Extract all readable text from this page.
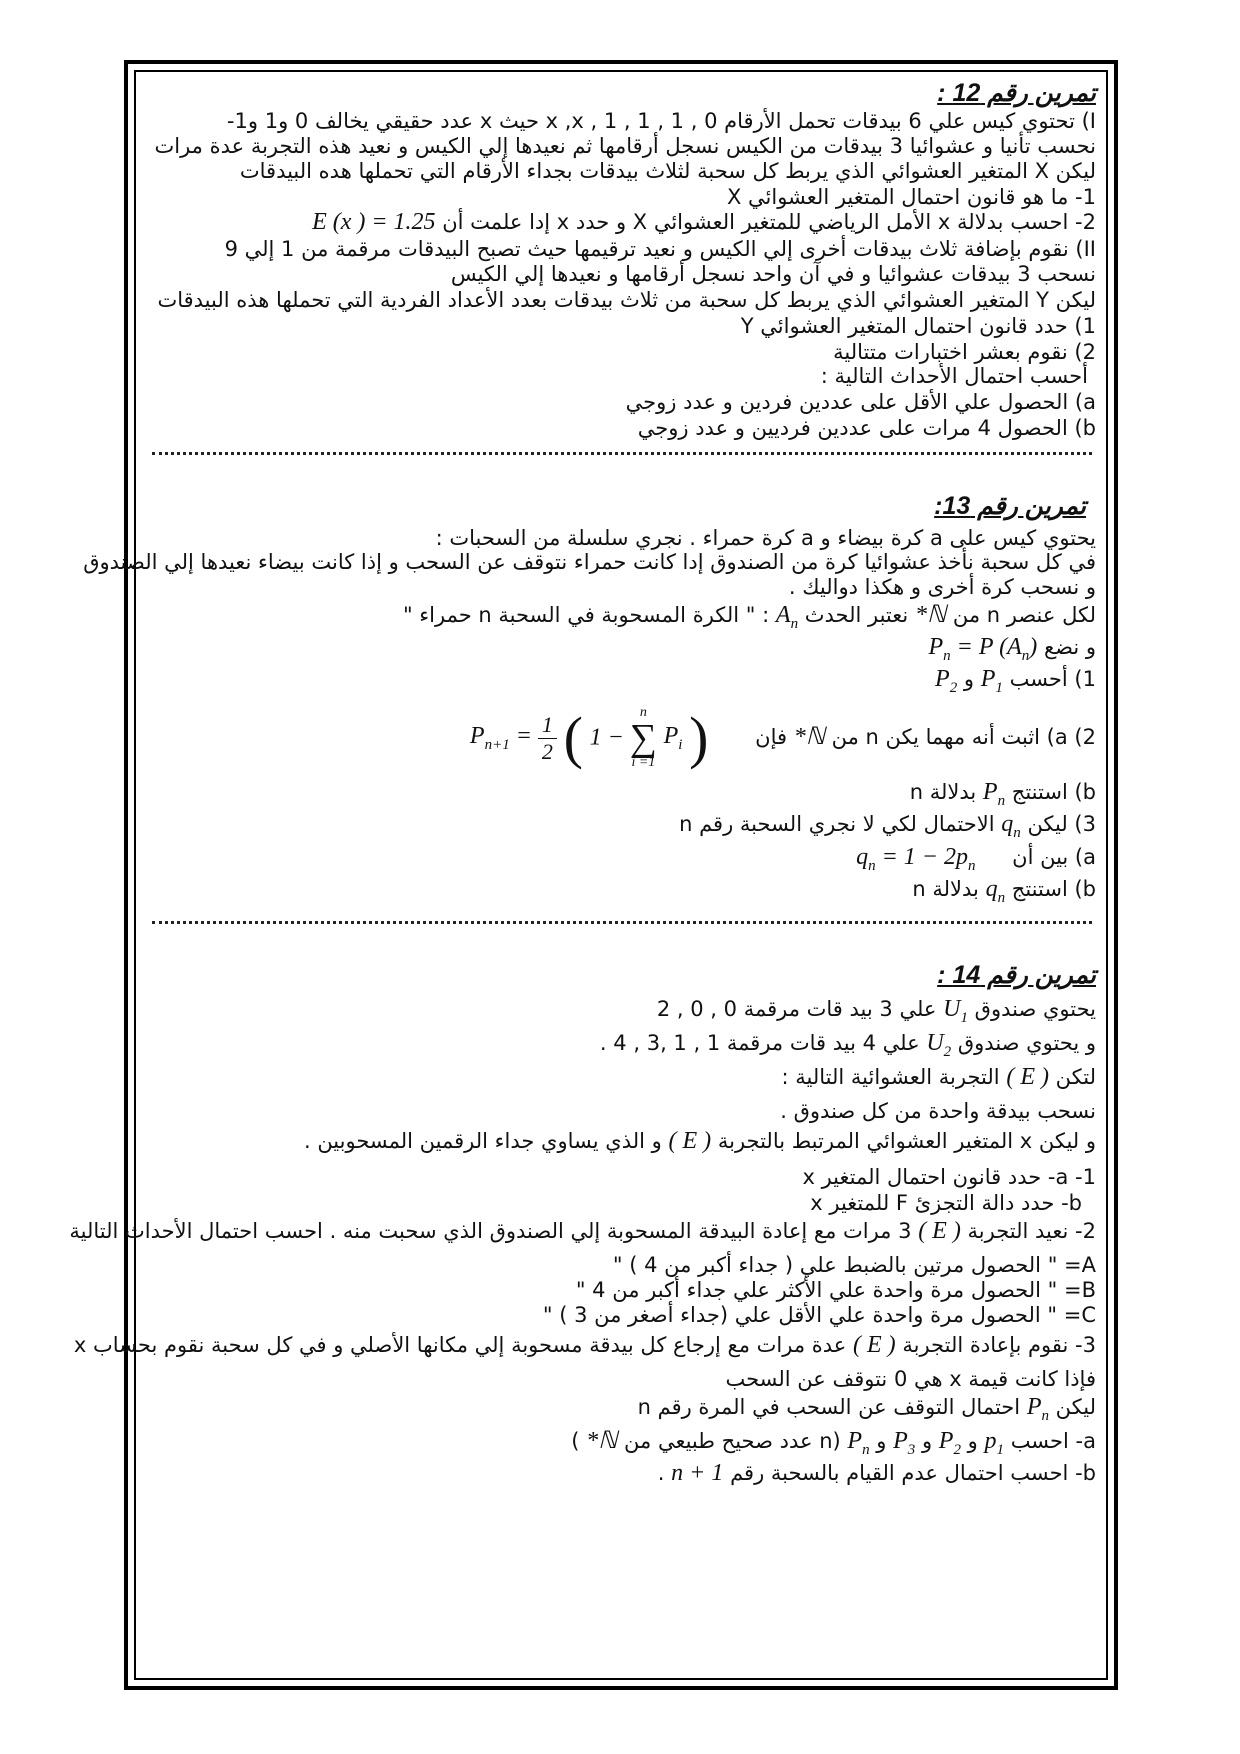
تمرين رقم 12 :
I) تحتوي كيس علي 6 بيدقات تحمل الأرقام 0 , 1 , 1 , 1 , x ,x حيث x عدد حقيقي يخالف 0 و1 و1-
نحسب تأنيا و عشوائيا 3 بيدقات من الكيس نسجل أرقامها ثم نعيدها إلي الكيس و نعيد هذه التجربة عدة مرات
ليكن X المتغير العشوائي الذي يربط كل سحبة لثلاث بيدقات بجداء الأرقام التي تحملها هده البيدقات
1- ما هو قانون احتمال المتغير العشوائي X
2- احسب بدلالة x الأمل الرياضي للمتغير العشوائي X و حدد x إدا علمت أن E (x ) = 1.25
II) نقوم بإضافة ثلاث بيدقات أخرى إلي الكيس و نعيد ترقيمها حيث تصبح البيدقات مرقمة من 1 إلي 9
نسحب 3 بيدقات عشوائيا و في آن واحد نسجل أرقامها و نعيدها إلي الكيس
ليكن Y المتغير العشوائي الذي يربط كل سحبة من ثلاث بيدقات بعدد الأعداد الفردية التي تحملها هذه البيدقات
1) حدد قانون احتمال المتغير العشوائي Y
2) نقوم بعشر اختبارات متتالية
أحسب احتمال الأحداث التالية :
a) الحصول علي الأقل على عددين فردين و عدد زوجي
b) الحصول 4 مرات على عددين فرديين و عدد زوجي
تمرين رقم 13:
يحتوي كيس على a كرة بيضاء و a كرة حمراء . نجري سلسلة من السحبات :
في كل سحبة نأخذ عشوائيا كرة من الصندوق إدا كانت حمراء نتوقف عن السحب و إذا كانت بيضاء نعيدها إلي الصندوق
و نسحب كرة أخرى و هكذا دواليك .
لكل عنصر n من ℕ* نعتبر الحدث $A_n$ : " الكرة المسحوبة في السحبة n حمراء "
و نضع $P_n = P$ $(A_n)$
1) أحسب $P_1$ و $P_2$
2) a) اثبت أنه مهما يكن n من ℕ* فإن $P_{n+1} = \frac{1}{2}$ ( 1 −
n
∑
i =1
$P_i$ )
b) استنتج $P_n$ بدلالة n
3) ليكن $q_n$ الاحتمال لكي لا نجري السحبة رقم n
a) بين أن $q_n = 1 - 2p_n$
b) استنتج $q_n$ بدلالة n
تمرين رقم 14 :
يحتوي صندوق $U_1$ علي 3 بيد قات مرقمة 0 , 0 , 2
و يحتوي صندوق $U_2$ علي 4 بيد قات مرقمة 1 , 1 ,3 , 4 .
لتكن ( E ) التجربة العشوائية التالية :
نسحب بيدقة واحدة من كل صندوق .
و ليكن x المتغير العشوائي المرتبط بالتجربة ( E ) و الذي يساوي جداء الرقمين المسحوبين .
1- a- حدد قانون احتمال المتغير x
b- حدد دالة التجزئ F للمتغير x
2- نعيد التجربة ( E ) 3 مرات مع إعادة البيدقة المسحوبة إلي الصندوق الذي سحبت منه . احسب احتمال الأحداث التالية
A= " الحصول مرتين بالضبط علي ( جداء أكبر من 4 ) "
B= " الحصول مرة واحدة علي الأكثر علي جداء أكبر من 4 "
C= " الحصول مرة واحدة علي الأقل علي (جداء أصغر من 3 ) "
3- نقوم بإعادة التجربة ( E ) عدة مرات مع إرجاع كل بيدقة مسحوبة إلي مكانها الأصلي و في كل سحبة نقوم بحساب x
فإذا كانت قيمة x هي 0 نتوقف عن السحب
ليكن $P_n$ احتمال التوقف عن السحب في المرة رقم n
a- احسب $p_1$ و $P_2$ و $P_3$ و $P_n$ (n عدد صحيح طبيعي من ℕ* )
b- احسب احتمال عدم القيام بالسحبة رقم n + 1 .
